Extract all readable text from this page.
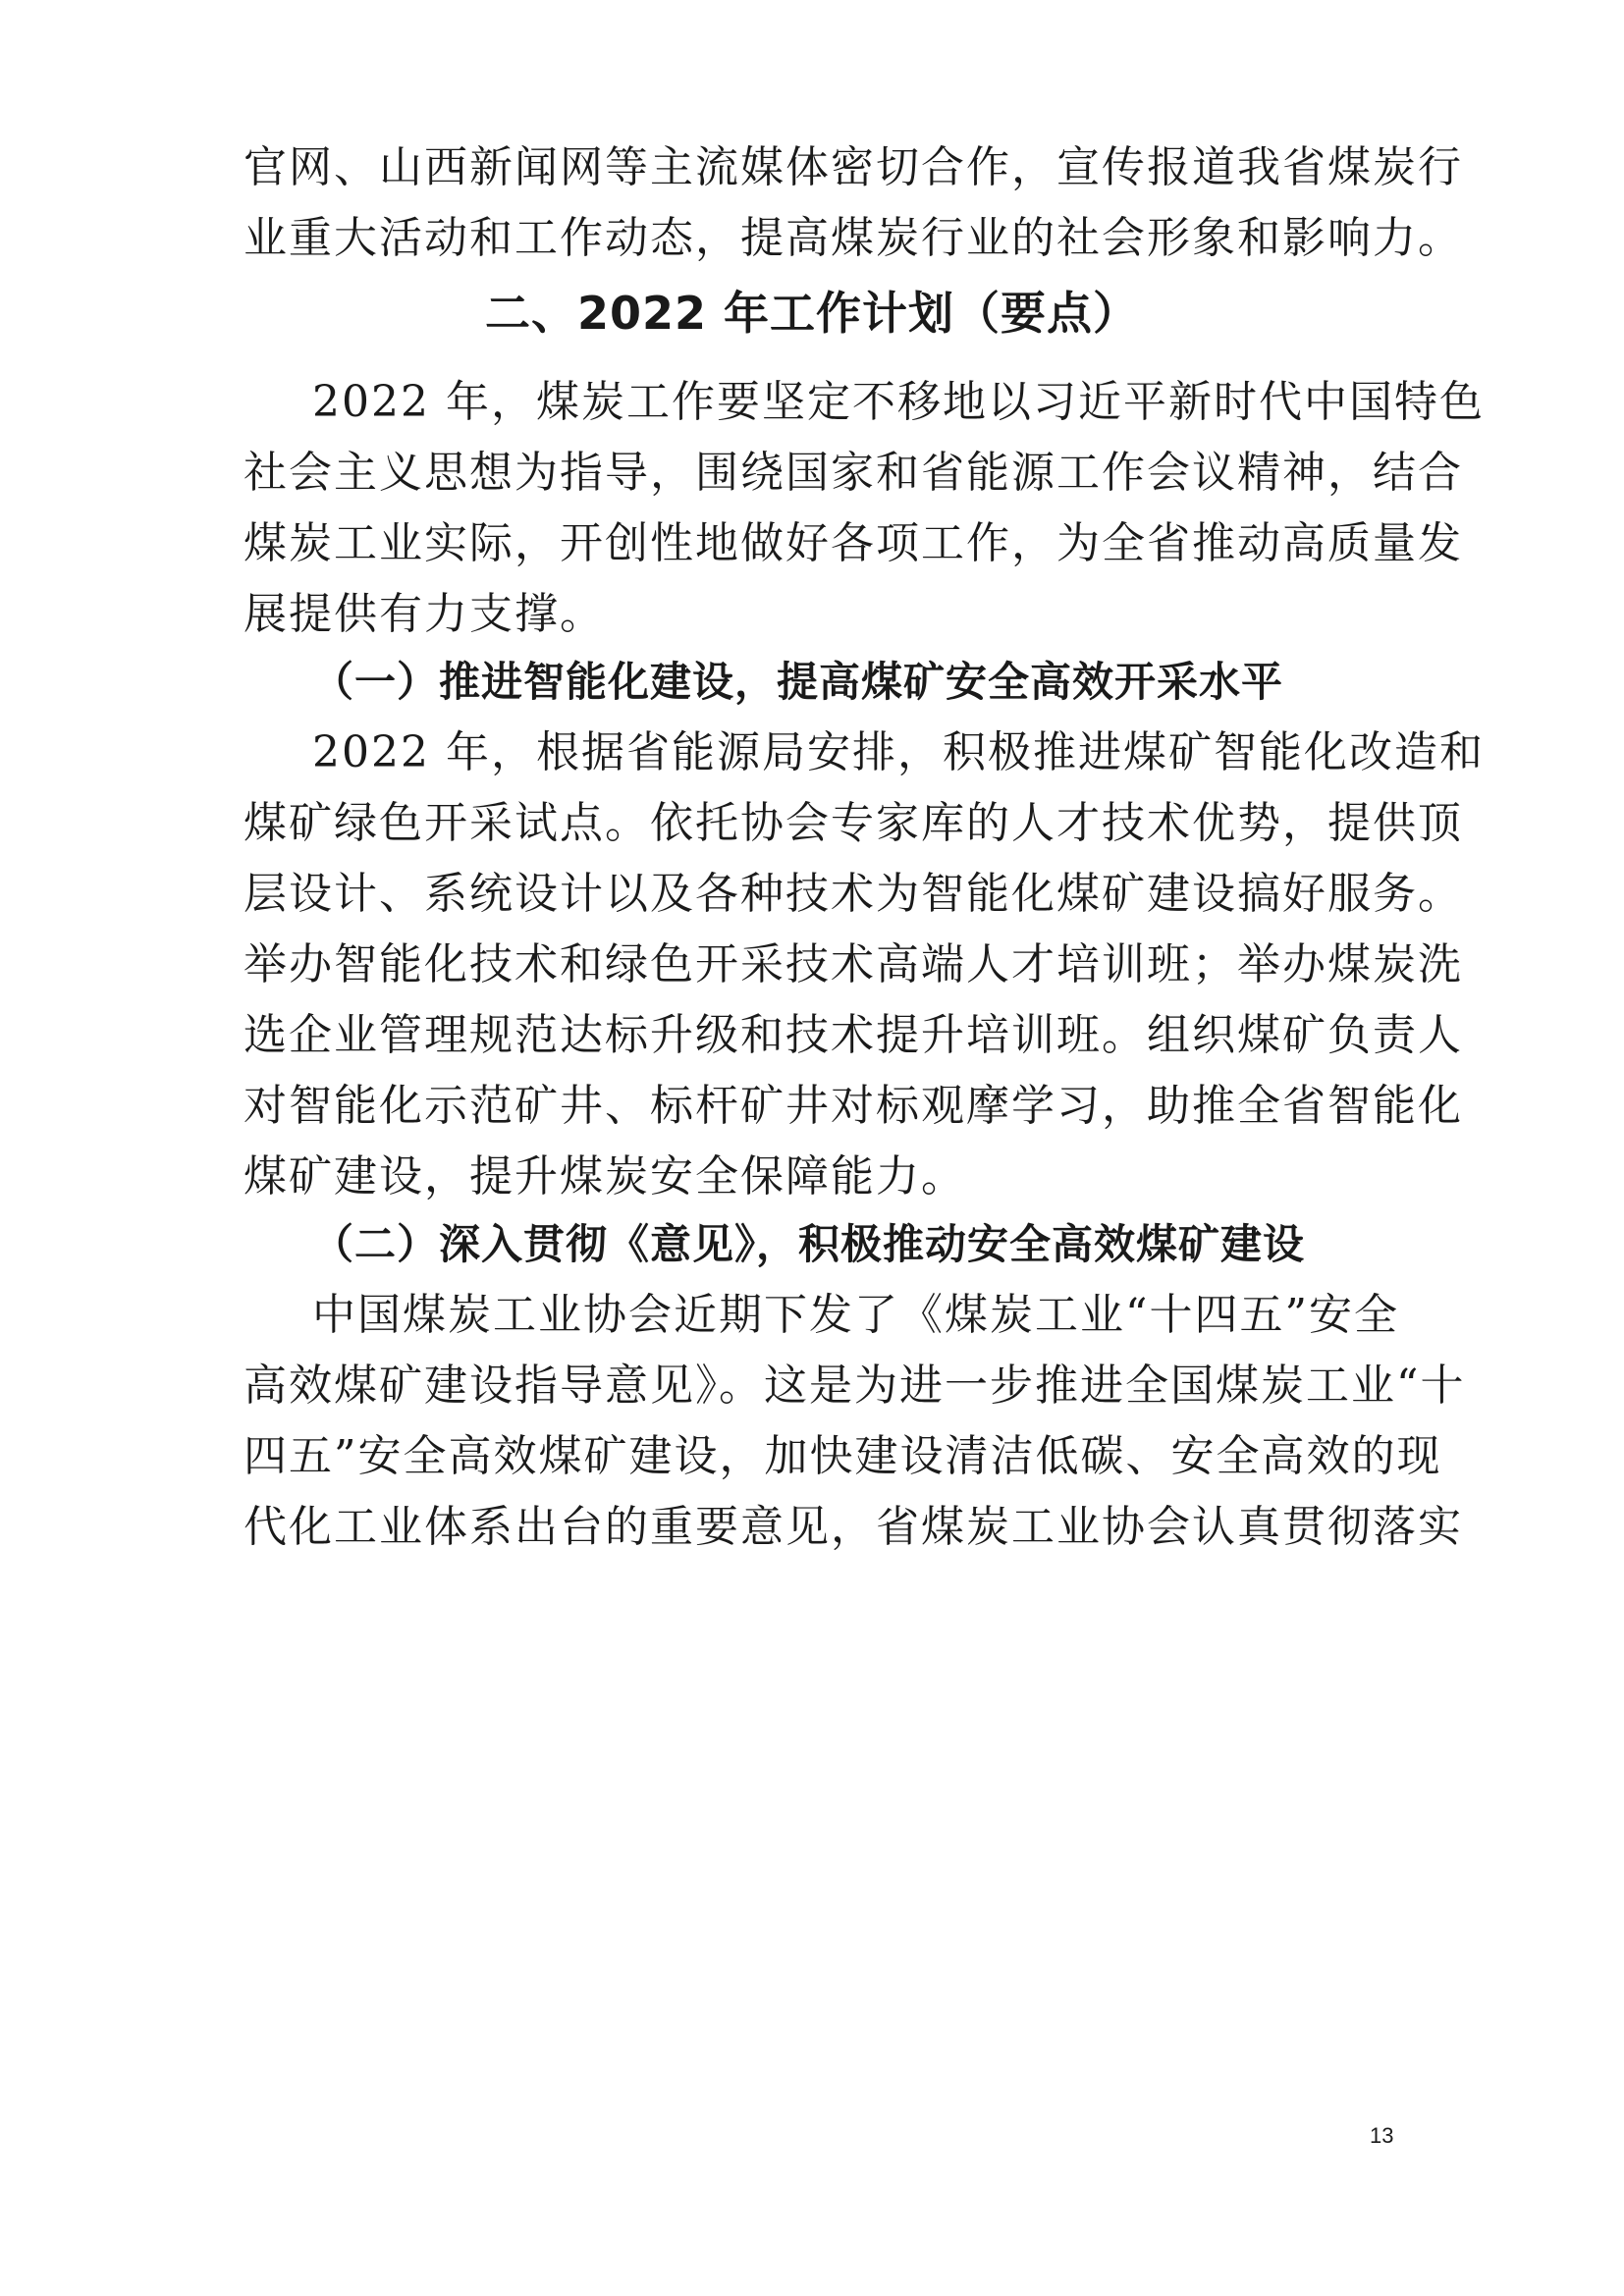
官网、山西新闻网等主流媒体密切合作，宣传报道我省煤炭行
业重大活动和工作动态，提高煤炭行业的社会形象和影响力。
二、2022 年工作计划（要点）
2022 年，煤炭工作要坚定不移地以习近平新时代中国特色
社会主义思想为指导，围绕国家和省能源工作会议精神，结合
煤炭工业实际，开创性地做好各项工作，为全省推动高质量发
展提供有力支撑。
（一）推进智能化建设，提高煤矿安全高效开采水平
2022 年，根据省能源局安排，积极推进煤矿智能化改造和
煤矿绿色开采试点。依托协会专家库的人才技术优势，提供顶
层设计、系统设计以及各种技术为智能化煤矿建设搞好服务。
举办智能化技术和绿色开采技术高端人才培训班；举办煤炭洗
选企业管理规范达标升级和技术提升培训班。组织煤矿负责人
对智能化示范矿井、标杆矿井对标观摩学习，助推全省智能化
煤矿建设，提升煤炭安全保障能力。
（二）深入贯彻《意见》，积极推动安全高效煤矿建设
中国煤炭工业协会近期下发了《煤炭工业“十四五”安全
高效煤矿建设指导意见》。这是为进一步推进全国煤炭工业“十
四五”安全高效煤矿建设，加快建设清洁低碳、安全高效的现
代化工业体系出台的重要意见，省煤炭工业协会认真贯彻落实
13
